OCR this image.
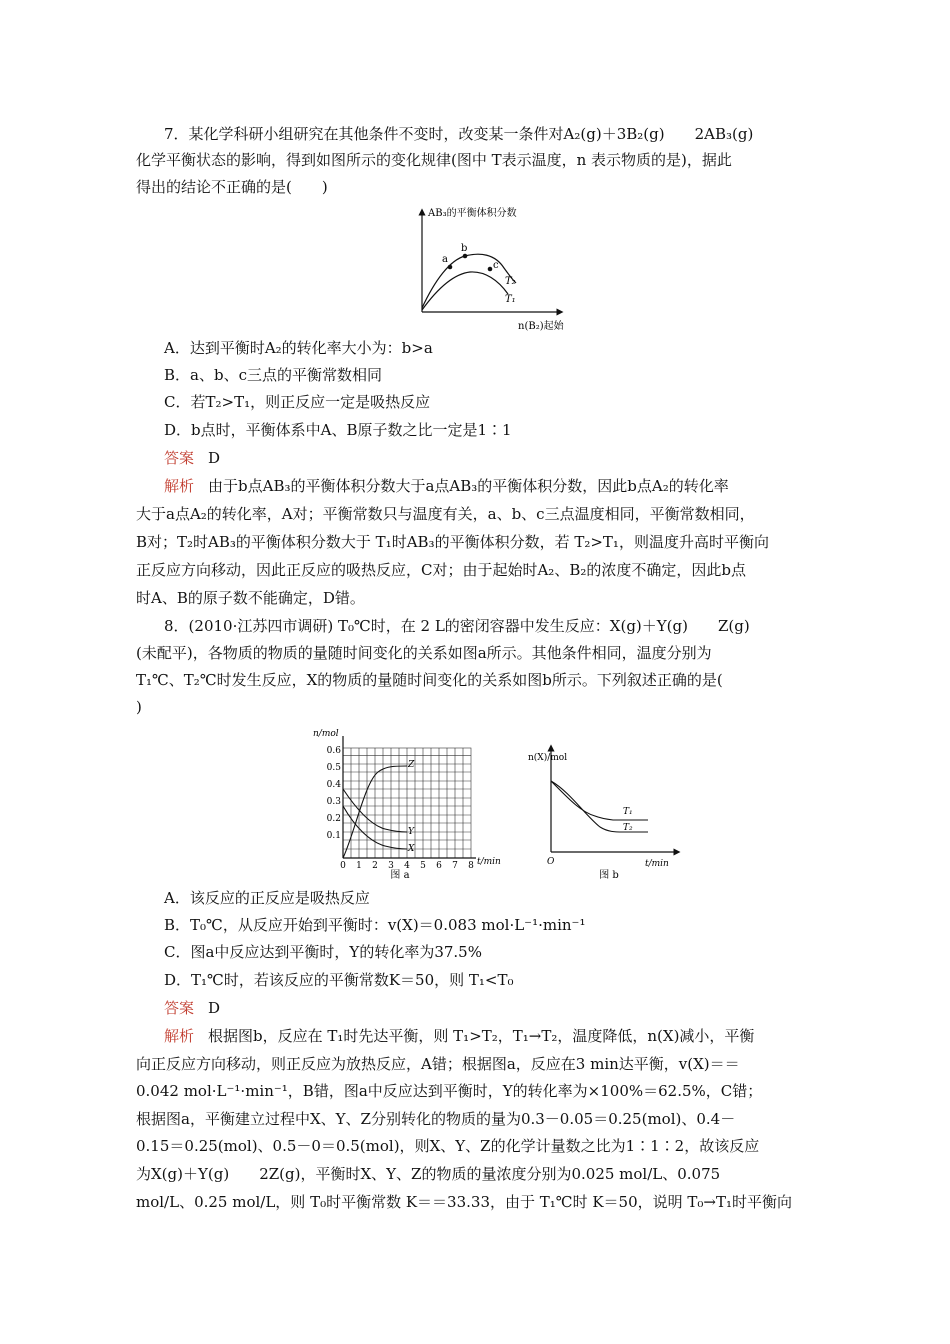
7．某化学科研小组研究在其他条件不变时，改变某一条件对A₂(g)＋3B₂(g)　　2AB₃(g)
化学平衡状态的影响，得到如图所示的变化规律(图中 T表示温度，n 表示物质的是)，据此
得出的结论不正确的是(　　)
AB₃的平衡体积分数
n(B₂)起始
a
b
c
T₂
T₁
A．达到平衡时A₂的转化率大小为：b>a
B．a、b、c三点的平衡常数相同
C．若T₂>T₁，则正反应一定是吸热反应
D．b点时，平衡体系中A、B原子数之比一定是1∶1
答案 D
解析 由于b点AB₃的平衡体积分数大于a点AB₃的平衡体积分数，因此b点A₂的转化率
大于a点A₂的转化率，A对；平衡常数只与温度有关，a、b、c三点温度相同，平衡常数相同，
B对；T₂时AB₃的平衡体积分数大于 T₁时AB₃的平衡体积分数，若 T₂>T₁，则温度升高时平衡向
正反应方向移动，因此正反应的吸热反应，C对；由于起始时A₂、B₂的浓度不确定，因此b点
时A、B的原子数不能确定，D错。
8．(2010·江苏四市调研) T₀℃时，在 2 L的密闭容器中发生反应：X(g)＋Y(g)　　Z(g)
(未配平)，各物质的物质的量随时间变化的关系如图a所示。其他条件相同，温度分别为
T₁℃、T₂℃时发生反应，X的物质的量随时间变化的关系如图b所示。下列叙述正确的是(
)
n/mol
t/min
0.6
0.5
0.4
0.3
0.2
0.1
0 1 2 3 4 5 6 7 8
Z
Y
X
图 a
n(X)/mol
t/min
O
T₁
T₂
图 b
A．该反应的正反应是吸热反应
B．T₀℃，从反应开始到平衡时：v(X)＝0.083 mol·L⁻¹·min⁻¹
C．图a中反应达到平衡时，Y的转化率为37.5%
D．T₁℃时，若该反应的平衡常数K＝50，则 T₁<T₀
答案 D
解析 根据图b，反应在 T₁时先达平衡，则 T₁>T₂，T₁→T₂，温度降低，n(X)减小，平衡
向正反应方向移动，则正反应为放热反应，A错；根据图a，反应在3 min达平衡，v(X)＝＝
0.042 mol·L⁻¹·min⁻¹，B错，图a中反应达到平衡时，Y的转化率为×100%＝62.5%，C错；
根据图a，平衡建立过程中X、Y、Z分别转化的物质的量为0.3－0.05＝0.25(mol)、0.4－
0.15＝0.25(mol)、0.5－0＝0.5(mol)，则X、Y、Z的化学计量数之比为1∶1∶2，故该反应
为X(g)＋Y(g)　　2Z(g)，平衡时X、Y、Z的物质的量浓度分别为0.025 mol/L、0.075
mol/L、0.25 mol/L，则 T₀时平衡常数 K＝＝33.33，由于 T₁℃时 K＝50，说明 T₀→T₁时平衡向
